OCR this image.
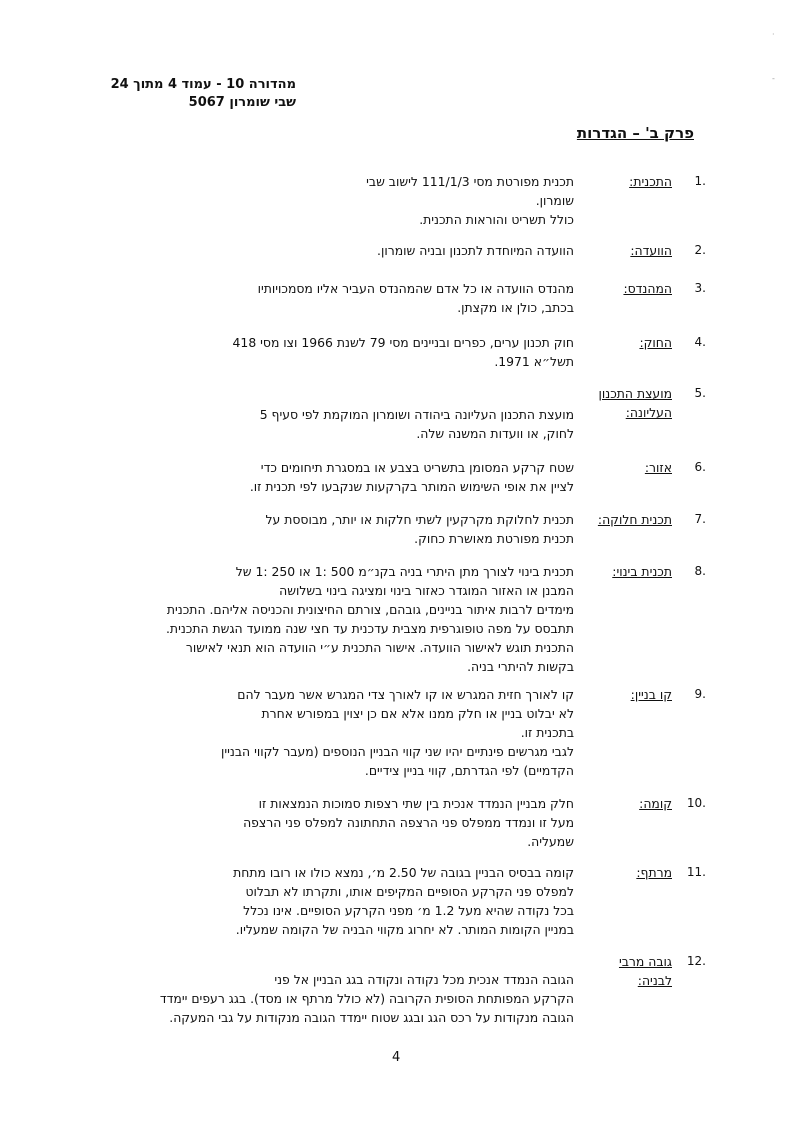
·
-
מהדורה 10 - עמוד 4 מתוך 24
שבי שומרון 5067
פרק ב' – הגדרות
1.
התכנית:

תכנית מפורטת מסי 111/1/3 לישוב שבי

שומרון.

כולל תשריט והוראות התכנית.

2.
הוועדה:

הוועדה המיוחדת לתכנון ובניה שומרון.

3.
המהנדס:

מהנדס הוועדה או כל אדם שהמהנדס העביר אליו מסמכויותיו

בכתב, כולן או מקצתן.

4.
החוק:

חוק תכנון ערים, כפרים ובניינים מסי 79 לשנת 1966 וצו מסי 418

תשל״א 1971.

5.
מועצת התכנון העליונה:

מועצת התכנון העליונה ביהודה ושומרון המוקמת לפי סעיף 5

לחוק, או וועדות המשנה שלה.

6.
אזור:

שטח קרקע המסומן בתשריט בצבע או במסגרת תיחומים כדי

לציין את אופי השימוש המותר בקרקעות שנקבעו לפי תכנית זו.

7.
תכנית חלוקה:

תכנית לחלוקת מקרקעין לשתי חלקות או יותר, מבוססת על

תכנית מפורטת מאושרת כחוק.

8.
תכנית בינוי:

תכנית בינוי לצורך מתן היתרי בניה בקנ״מ 500 :1 או 250 :1 של

המבנן או האזור המוגדר כאזור בינוי ומציגה בינוי בשלושה

מימדים לרבות איתור בניינים, גובהם, צורתם החיצונית והכניסה אליהם. התכנית

תתבסס על מפה טופוגרפית מצבית עדכנית עד חצי שנה ממועד הגשת התכנית.

התכנית תוגש לאישור הוועדה. אישור התכנית ע״י הוועדה הוא תנאי לאישור

בקשות להיתרי בניה.

9.
קו בניין:

קו לאורך חזית המגרש או קו לאורך צדי המגרש אשר מעבר להם

לא יבלוט בניין או חלק ממנו אלא אם כן יצוין במפורש אחרת

בתכנית זו.

לגבי מגרשים פינתיים יהיו שני קווי הבניין הנוספים (מעבר לקווי הבניין

הקדמיים) לפי הגדרתם, קווי בניין צידיים.

10.
קומה:

חלק מבניין הנמדד אנכית בין שתי רצפות סמוכות הנמצאות זו

מעל זו ונמדד ממפלס פני הרצפה התחתונה למפלס פני הרצפה

שמעליה.

11.
מרתף:

קומה בבסיס הבניין בגובה של 2.50 מ׳, נמצא כולו או רובו מתחת

למפלס פני הקרקע הסופיים המקיפים אותו, ותקרתו לא תבלוט

בכל נקודה שהיא מעל 1.2 מ׳ מפני הקרקע הסופיים. אינו נכלל

במניין הקומות המותר. לא יחרוג מקווי הבניה של הקומה שמעליו.

12.
גובה מרבי לבניה:

הגובה הנמדד אנכית מכל נקודה ונקודה בגג הבניין אל פני

הקרקע המפותחת הסופית הקרובה (לא כולל מרתף או מסד). בגג רעפים יימדד

הגובה מנקודות על רכס הגג ובגג שטוח יימדד הגובה מנקודות על גבי המעקה.

4
